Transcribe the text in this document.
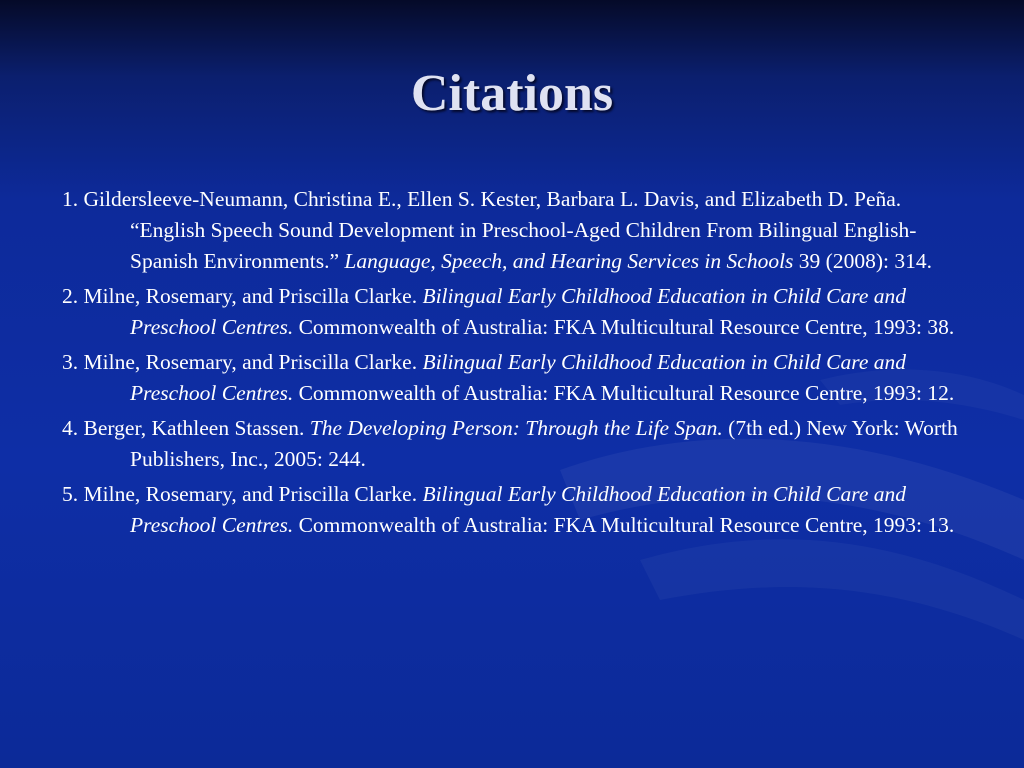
Citations

1. Gildersleeve-Neumann, Christina E., Ellen S. Kester, Barbara L. Davis, and Elizabeth D. Peña. “English Speech Sound Development in Preschool-Aged Children From Bilingual English-Spanish Environments.” Language, Speech, and Hearing Services in Schools 39 (2008): 314.

2. Milne, Rosemary, and Priscilla Clarke. Bilingual Early Childhood Education in Child Care and Preschool Centres. Commonwealth of Australia: FKA Multicultural Resource Centre, 1993: 38.

3. Milne, Rosemary, and Priscilla Clarke. Bilingual Early Childhood Education in Child Care and Preschool Centres. Commonwealth of Australia: FKA Multicultural Resource Centre, 1993: 12.

4. Berger, Kathleen Stassen. The Developing Person: Through the Life Span. (7th ed.) New York: Worth Publishers, Inc., 2005: 244.

5. Milne, Rosemary, and Priscilla Clarke. Bilingual Early Childhood Education in Child Care and Preschool Centres. Commonwealth of Australia: FKA Multicultural Resource Centre, 1993: 13.
